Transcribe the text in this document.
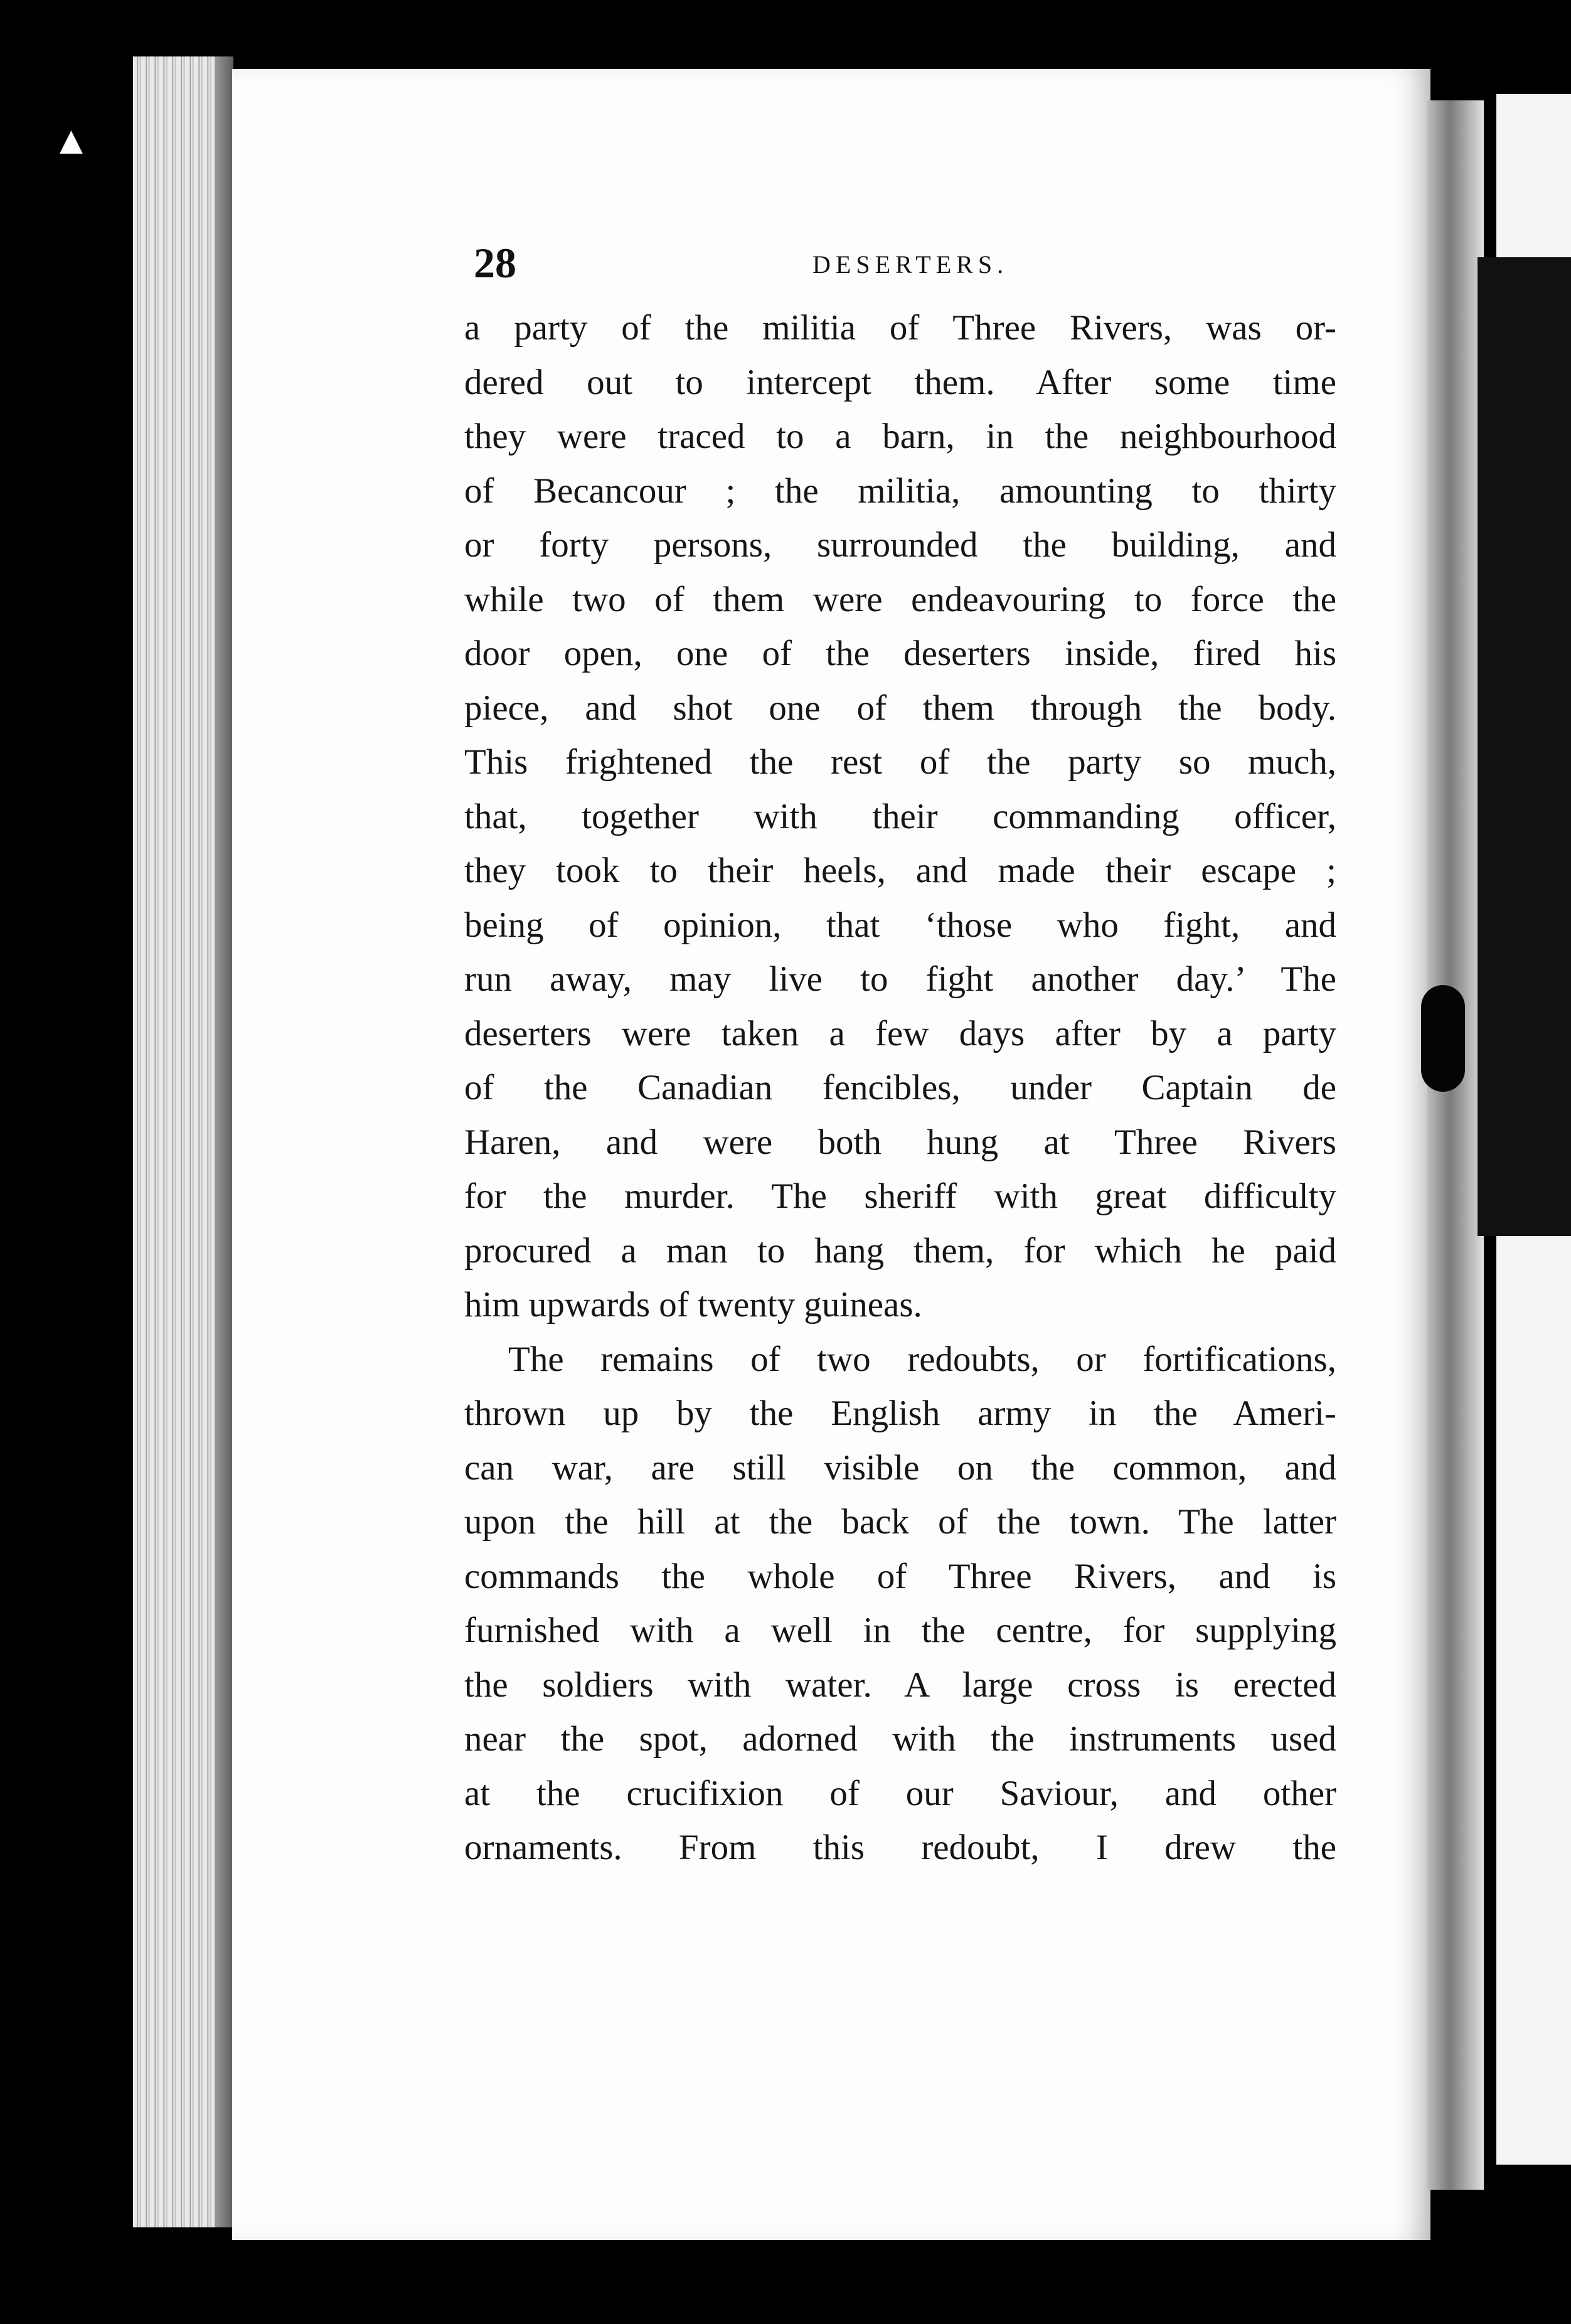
▲
28	DESERTERS.
a party of the militia of Three Rivers, was or-
dered out to intercept them. After some time
they were traced to a barn, in the neighbourhood
of Becancour ; the militia, amounting to thirty
or forty persons, surrounded the building, and
while two of them were endeavouring to force the
door open, one of the deserters inside, fired his
piece, and shot one of them through the body.
This frightened the rest of the party so much,
that, together with their commanding officer,
they took to their heels, and made their escape ;
being of opinion, that ‘those who fight, and
run away, may live to fight another day.’ The
deserters were taken a few days after by a party
of the Canadian fencibles, under Captain de
Haren, and were both hung at Three Rivers
for the murder. The sheriff with great difficulty
procured a man to hang them, for which he paid
him upwards of twenty guineas.
The remains of two redoubts, or fortifications,
thrown up by the English army in the Ameri-
can war, are still visible on the common, and
upon the hill at the back of the town. The latter
commands the whole of Three Rivers, and is
furnished with a well in the centre, for supplying
the soldiers with water. A large cross is erected
near the spot, adorned with the instruments used
at the crucifixion of our Saviour, and other
ornaments. From this redoubt, I drew the
